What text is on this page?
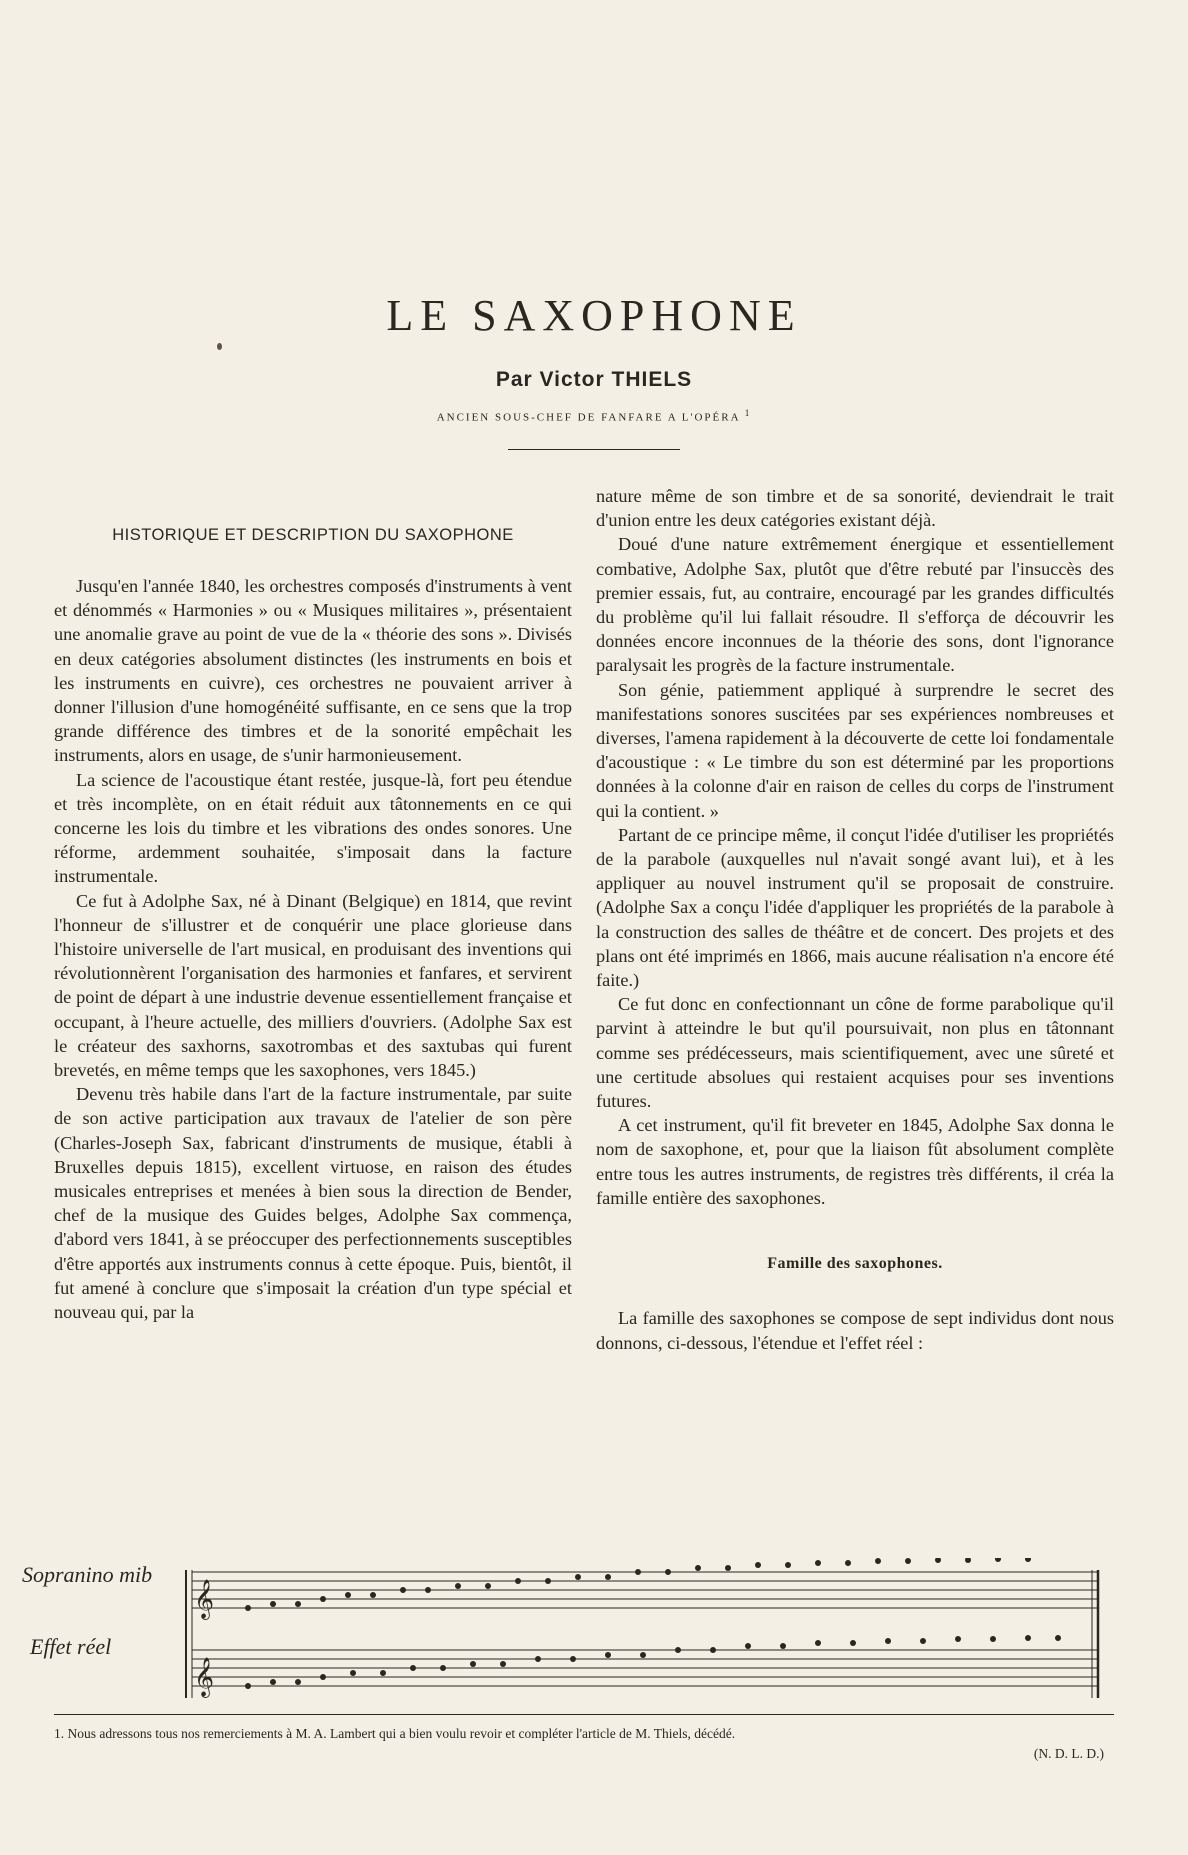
LE SAXOPHONE
Par Victor THIELS
ANCIEN SOUS-CHEF DE FANFARE A L'OPÉRA $^1$
HISTORIQUE ET DESCRIPTION DU SAXOPHONE

Jusqu'en l'année 1840, les orchestres composés d'instruments à vent et dénommés « Harmonies » ou « Musiques militaires », présentaient une anomalie grave au point de vue de la « théorie des sons ». Divisés en deux catégories absolument distinctes (les instruments en bois et les instruments en cuivre), ces orchestres ne pouvaient arriver à donner l'illusion d'une homogénéité suffisante, en ce sens que la trop grande différence des timbres et de la sonorité empêchait les instruments, alors en usage, de s'unir harmonieusement.

La science de l'acoustique étant restée, jusque-là, fort peu étendue et très incomplète, on en était réduit aux tâtonnements en ce qui concerne les lois du timbre et les vibrations des ondes sonores. Une réforme, ardemment souhaitée, s'imposait dans la facture instrumentale.

Ce fut à Adolphe Sax, né à Dinant (Belgique) en 1814, que revint l'honneur de s'illustrer et de conquérir une place glorieuse dans l'histoire universelle de l'art musical, en produisant des inventions qui révolutionnèrent l'organisation des harmonies et fanfares, et servirent de point de départ à une industrie devenue essentiellement française et occupant, à l'heure actuelle, des milliers d'ouvriers. (Adolphe Sax est le créateur des saxhorns, saxotrombas et des saxtubas qui furent brevetés, en même temps que les saxophones, vers 1845.)

Devenu très habile dans l'art de la facture instrumentale, par suite de son active participation aux travaux de l'atelier de son père (Charles-Joseph Sax, fabricant d'instruments de musique, établi à Bruxelles depuis 1815), excellent virtuose, en raison des études musicales entreprises et menées à bien sous la direction de Bender, chef de la musique des Guides belges, Adolphe Sax commença, d'abord vers 1841, à se préoccuper des perfectionnements susceptibles d'être apportés aux instruments connus à cette époque. Puis, bientôt, il fut amené à conclure que s'imposait la création d'un type spécial et nouveau qui, par la

nature même de son timbre et de sa sonorité, deviendrait le trait d'union entre les deux catégories existant déjà.

Doué d'une nature extrêmement énergique et essentiellement combative, Adolphe Sax, plutôt que d'être rebuté par l'insuccès des premier essais, fut, au contraire, encouragé par les grandes difficultés du problème qu'il lui fallait résoudre. Il s'efforça de découvrir les données encore inconnues de la théorie des sons, dont l'ignorance paralysait les progrès de la facture instrumentale.

Son génie, patiemment appliqué à surprendre le secret des manifestations sonores suscitées par ses expériences nombreuses et diverses, l'amena rapidement à la découverte de cette loi fondamentale d'acoustique : « Le timbre du son est déterminé par les proportions données à la colonne d'air en raison de celles du corps de l'instrument qui la contient. »

Partant de ce principe même, il conçut l'idée d'utiliser les propriétés de la parabole (auxquelles nul n'avait songé avant lui), et à les appliquer au nouvel instrument qu'il se proposait de construire. (Adolphe Sax a conçu l'idée d'appliquer les propriétés de la parabole à la construction des salles de théâtre et de concert. Des projets et des plans ont été imprimés en 1866, mais aucune réalisation n'a encore été faite.)

Ce fut donc en confectionnant un cône de forme parabolique qu'il parvint à atteindre le but qu'il poursuivait, non plus en tâtonnant comme ses prédécesseurs, mais scientifiquement, avec une sûreté et une certitude absolues qui restaient acquises pour ses inventions futures.

A cet instrument, qu'il fit breveter en 1845, Adolphe Sax donna le nom de saxophone, et, pour que la liaison fût absolument complète entre tous les autres instruments, de registres très différents, il créa la famille entière des saxophones.

Famille des saxophones.

La famille des saxophones se compose de sept individus dont nous donnons, ci-dessous, l'étendue et l'effet réel :

Sopranino mib
Effet réel
𝄞
𝄞
1. Nous adressons tous nos remerciements à M. A. Lambert qui a bien voulu revoir et compléter l'article de M. Thiels, décédé.
(N. D. L. D.)
